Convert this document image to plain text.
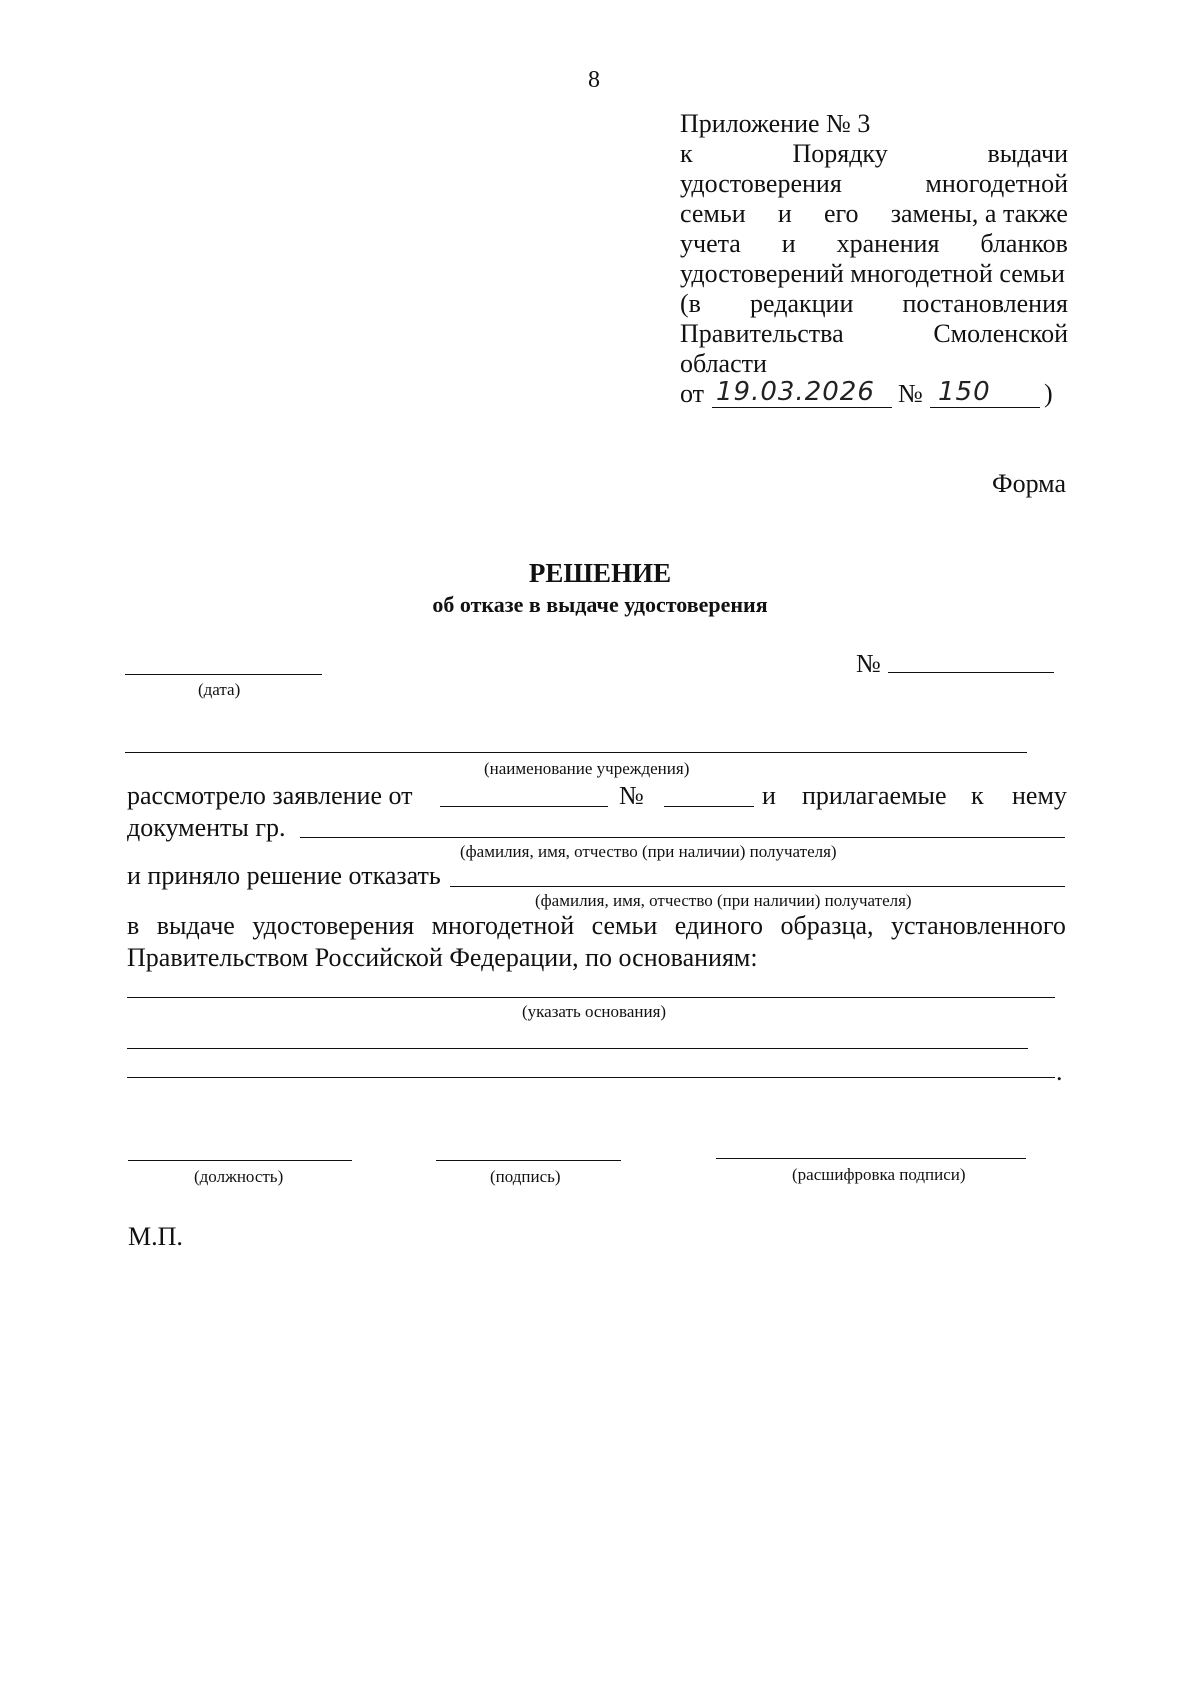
8
Приложение № 3
к	Порядку	выдачи
удостоверения	многодетной
семьи и его замены, а также
учета и хранения бланков
удостоверений многодетной семьи
(в редакции постановления
Правительства	Смоленской
области
от 19.03.2026 № 150 )
Форма
РЕШЕНИЕ
об отказе в выдаче удостоверения
(дата)
№
(наименование учреждения)
рассмотрело заявление от	№	и прилагаемые к нему
документы гр.
(фамилия, имя, отчество (при наличии) получателя)
и приняло решение отказать
(фамилия, имя, отчество (при наличии) получателя)
в выдаче удостоверения многодетной семьи единого образца, установленного
Правительством Российской Федерации, по основаниям:
(указать основания)
.
(должность)	(подпись)	(расшифровка подписи)
М.П.
